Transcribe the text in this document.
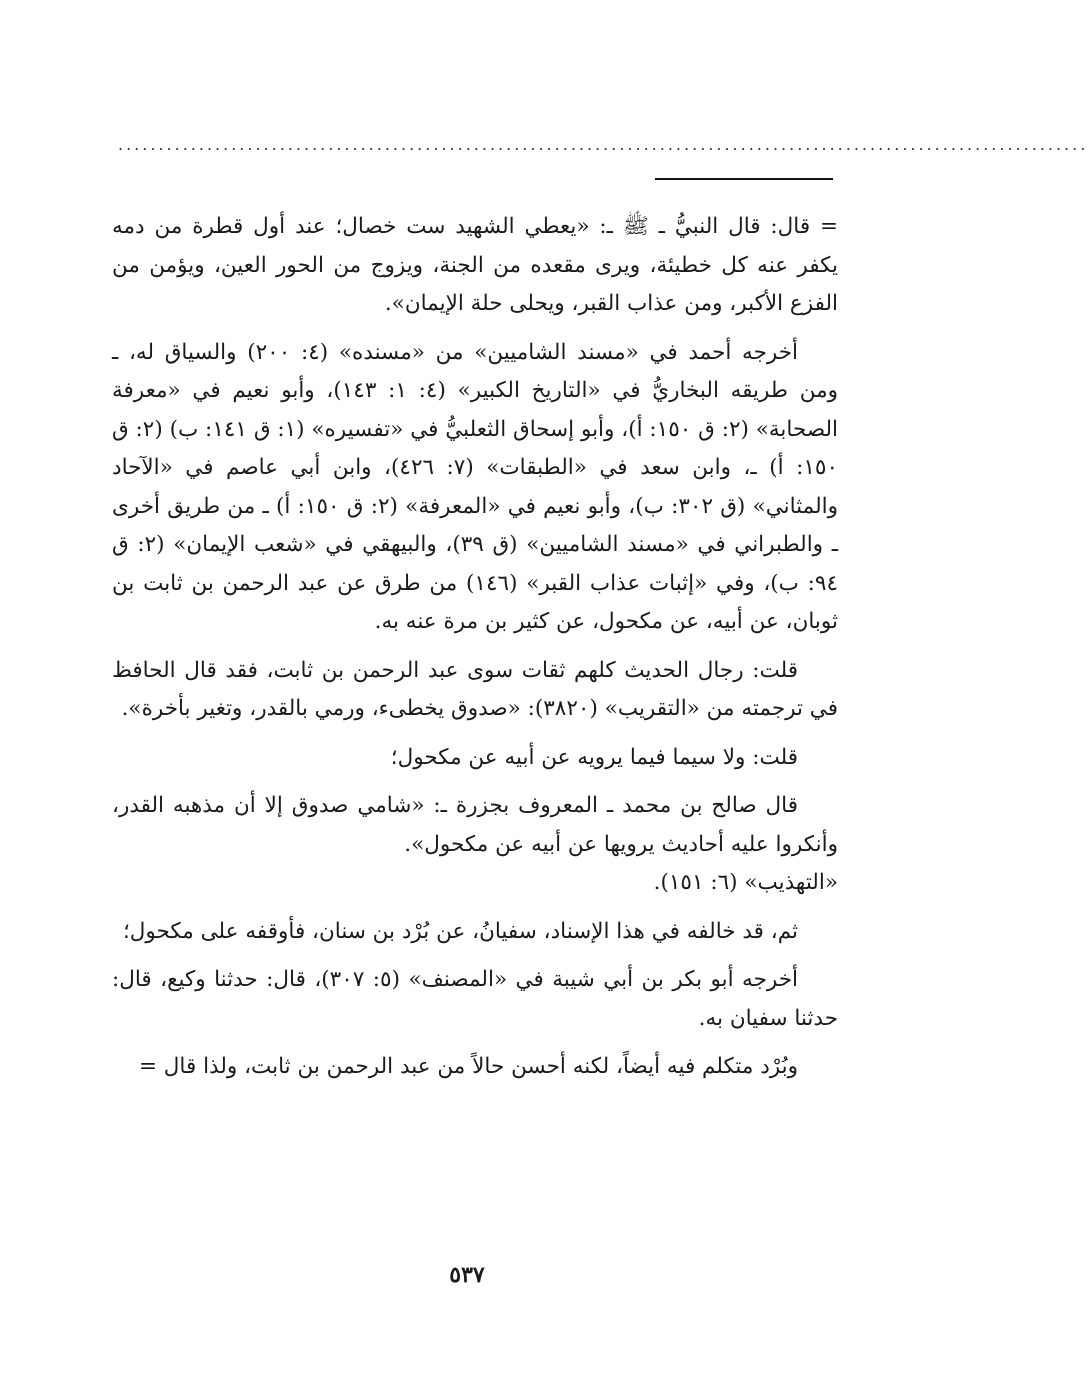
........................................................................................................................

= قال: قال النبيُّ ـ ﷺ ـ: «يعطي الشهيد ست خصال؛ عند أول قطرة من دمه يكفر عنه كل خطيئة، ويرى مقعده من الجنة، ويزوج من الحور العين، ويؤمن من الفزع الأكبر، ومن عذاب القبر، ويحلى حلة الإيمان».

أخرجه أحمد في «مسند الشاميين» من «مسنده» (٤: ٢٠٠) والسياق له، ـ ومن طريقه البخاريُّ في «التاريخ الكبير» (٤: ١: ١٤٣)، وأبو نعيم في «معرفة الصحابة» (٢: ق ١٥٠: أ)، وأبو إسحاق الثعلبيُّ في «تفسيره» (١: ق ١٤١: ب) (٢: ق ١٥٠: أ) ـ، وابن سعد في «الطبقات» (٧: ٤٢٦)، وابن أبي عاصم في «الآحاد والمثاني» (ق ٣٠٢: ب)، وأبو نعيم في «المعرفة» (٢: ق ١٥٠: أ) ـ من طريق أخرى ـ والطبراني في «مسند الشاميين» (ق ٣٩)، والبيهقي في «شعب الإيمان» (٢: ق ٩٤: ب)، وفي «إثبات عذاب القبر» (١٤٦) من طرق عن عبد الرحمن بن ثابت بن ثوبان، عن أبيه، عن مكحول، عن كثير بن مرة عنه به.

قلت: رجال الحديث كلهم ثقات سوى عبد الرحمن بن ثابت، فقد قال الحافظ في ترجمته من «التقريب» (٣٨٢٠): «صدوق يخطىء، ورمي بالقدر، وتغير بأخرة».

قلت: ولا سيما فيما يرويه عن أبيه عن مكحول؛

قال صالح بن محمد ـ المعروف بجزرة ـ: «شامي صدوق إلا أن مذهبه القدر، وأنكروا عليه أحاديث يرويها عن أبيه عن مكحول».

«التهذيب» (٦: ١٥١).

ثم، قد خالفه في هذا الإسناد، سفيانُ، عن بُرْد بن سنان، فأوقفه على مكحول؛

أخرجه أبو بكر بن أبي شيبة في «المصنف» (٥: ٣٠٧)، قال: حدثنا وكيع، قال: حدثنا سفيان به.

وبُرْد متكلم فيه أيضاً، لكنه أحسن حالاً من عبد الرحمن بن ثابت، ولذا قال =

٥٣٧
